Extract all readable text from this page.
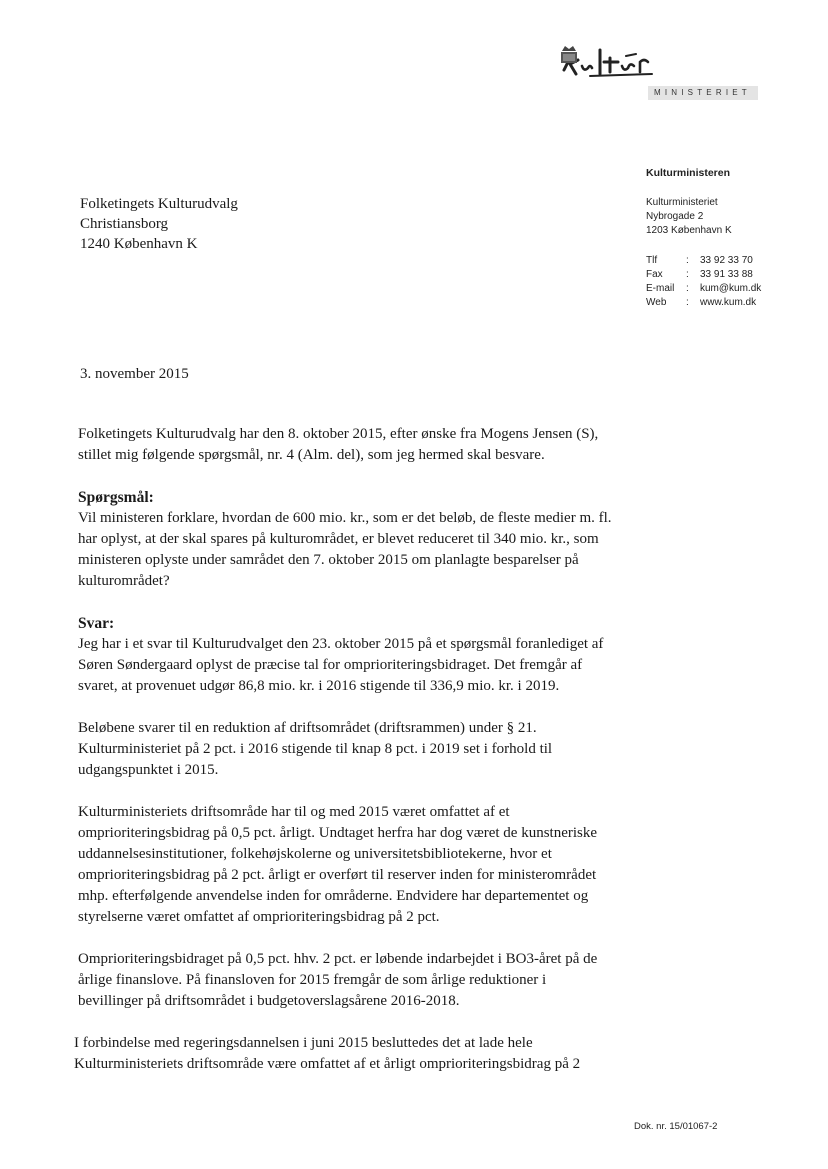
MINISTERIET
Folketingets Kulturudvalg
Christiansborg
1240 København K
Kulturministeren
Kulturministeriet
Nybrogade 2
1203 København K
Tlf	:	33 92 33 70
Fax	:	33 91 33 88
E-mail	:	kum@kum.dk
Web	:	www.kum.dk
3. november 2015

Folketingets Kulturudvalg har den 8. oktober 2015, efter ønske fra Mogens Jensen (S),
stillet mig følgende spørgsmål, nr. 4 (Alm. del), som jeg hermed skal besvare.

Spørgsmål:

Vil ministeren forklare, hvordan de 600 mio. kr., som er det beløb, de fleste medier m. fl.
har oplyst, at der skal spares på kulturområdet, er blevet reduceret til 340 mio. kr., som
ministeren oplyste under samrådet den 7. oktober 2015 om planlagte besparelser på
kulturområdet?

Svar:

Jeg har i et svar til Kulturudvalget den 23. oktober 2015 på et spørgsmål foranlediget af
Søren Søndergaard oplyst de præcise tal for omprioriteringsbidraget. Det fremgår af
svaret, at provenuet udgør 86,8 mio. kr. i 2016 stigende til 336,9 mio. kr. i 2019.

Beløbene svarer til en reduktion af driftsområdet (driftsrammen) under § 21.
Kulturministeriet på 2 pct. i 2016 stigende til knap 8 pct. i 2019 set i forhold til
udgangspunktet i 2015.

Kulturministeriets driftsområde har til og med 2015 været omfattet af et
omprioriteringsbidrag på 0,5 pct. årligt. Undtaget herfra har dog været de kunstneriske
uddannelsesinstitutioner, folkehøjskolerne og universitetsbibliotekerne, hvor et
omprioriteringsbidrag på 2 pct. årligt er overført til reserver inden for ministerområdet
mhp. efterfølgende anvendelse inden for områderne. Endvidere har departementet og
styrelserne været omfattet af omprioriteringsbidrag på 2 pct.

Omprioriteringsbidraget på 0,5 pct. hhv. 2 pct. er løbende indarbejdet i BO3-året på de
årlige finanslove. På finansloven for 2015 fremgår de som årlige reduktioner i
bevillinger på driftsområdet i budgetoverslagsårene 2016-2018.

I forbindelse med regeringsdannelsen i juni 2015 besluttedes det at lade hele
Kulturministeriets driftsområde være omfattet af et årligt omprioriteringsbidrag på 2

Dok. nr. 15/01067-2
